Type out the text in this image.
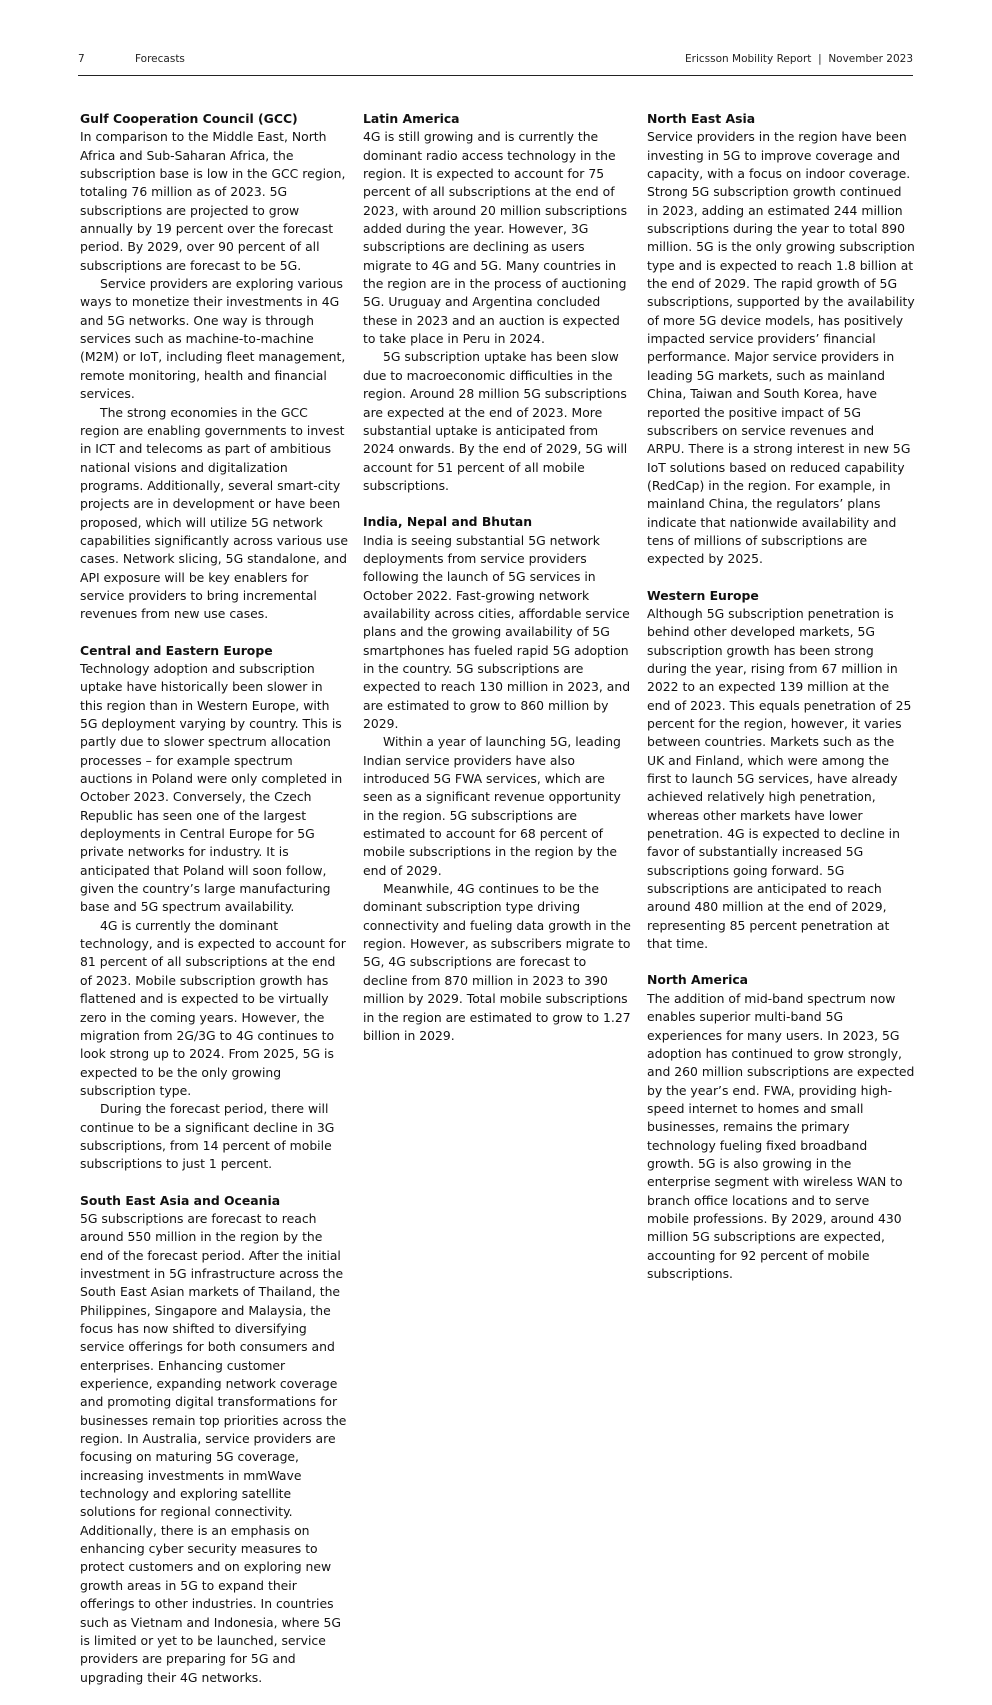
7	Forecasts	Ericsson Mobility Report | November 2023
Gulf Cooperation Council (GCC)

In comparison to the Middle East, North Africa and Sub-Saharan Africa, the subscription base is low in the GCC region, totaling 76 million as of 2023. 5G subscriptions are projected to grow annually by 19 percent over the forecast period. By 2029, over 90 percent of all subscriptions are forecast to be 5G.

Service providers are exploring various ways to monetize their investments in 4G and 5G networks. One way is through services such as machine-to-machine (M2M) or IoT, including fleet management, remote monitoring, health and financial services.

The strong economies in the GCC region are enabling governments to invest in ICT and telecoms as part of ambitious national visions and digitalization programs. Additionally, several smart-city projects are in development or have been proposed, which will utilize 5G network capabilities significantly across various use cases. Network slicing, 5G standalone, and API exposure will be key enablers for service providers to bring incremental revenues from new use cases.

Central and Eastern Europe

Technology adoption and subscription uptake have historically been slower in this region than in Western Europe, with 5G deployment varying by country. This is partly due to slower spectrum allocation processes – for example spectrum auctions in Poland were only completed in October 2023. Conversely, the Czech Republic has seen one of the largest deployments in Central Europe for 5G private networks for industry. It is anticipated that Poland will soon follow, given the country’s large manufacturing base and 5G spectrum availability.

4G is currently the dominant technology, and is expected to account for 81 percent of all subscriptions at the end of 2023. Mobile subscription growth has flattened and is expected to be virtually zero in the coming years. However, the migration from 2G/3G to 4G continues to look strong up to 2024. From 2025, 5G is expected to be the only growing subscription type.

During the forecast period, there will continue to be a significant decline in 3G subscriptions, from 14 percent of mobile subscriptions to just 1 percent.

South East Asia and Oceania

5G subscriptions are forecast to reach around 550 million in the region by the end of the forecast period. After the initial investment in 5G infrastructure across the South East Asian markets of Thailand, the Philippines, Singapore and Malaysia, the focus has now shifted to diversifying service offerings for both consumers and enterprises. Enhancing customer experience, expanding network coverage and promoting digital transformations for businesses remain top priorities across the region. In Australia, service providers are focusing on maturing 5G coverage, increasing investments in mmWave technology and exploring satellite solutions for regional connectivity. Additionally, there is an emphasis on enhancing cyber security measures to protect customers and on exploring new growth areas in 5G to expand their offerings to other industries. In countries such as Vietnam and Indonesia, where 5G is limited or yet to be launched, service providers are preparing for 5G and upgrading their 4G networks.

Latin America

4G is still growing and is currently the dominant radio access technology in the region. It is expected to account for 75 percent of all subscriptions at the end of 2023, with around 20 million subscriptions added during the year. However, 3G subscriptions are declining as users migrate to 4G and 5G. Many countries in the region are in the process of auctioning 5G. Uruguay and Argentina concluded these in 2023 and an auction is expected to take place in Peru in 2024.

5G subscription uptake has been slow due to macroeconomic difficulties in the region. Around 28 million 5G subscriptions are expected at the end of 2023. More substantial uptake is anticipated from 2024 onwards. By the end of 2029, 5G will account for 51 percent of all mobile subscriptions.

India, Nepal and Bhutan

India is seeing substantial 5G network deployments from service providers following the launch of 5G services in October 2022. Fast-growing network availability across cities, affordable service plans and the growing availability of 5G smartphones has fueled rapid 5G adoption in the country. 5G subscriptions are expected to reach 130 million in 2023, and are estimated to grow to 860 million by 2029.

Within a year of launching 5G, leading Indian service providers have also introduced 5G FWA services, which are seen as a significant revenue opportunity in the region. 5G subscriptions are estimated to account for 68 percent of mobile subscriptions in the region by the end of 2029.

Meanwhile, 4G continues to be the dominant subscription type driving connectivity and fueling data growth in the region. However, as subscribers migrate to 5G, 4G subscriptions are forecast to decline from 870 million in 2023 to 390 million by 2029. Total mobile subscriptions in the region are estimated to grow to 1.27 billion in 2029.

North East Asia

Service providers in the region have been investing in 5G to improve coverage and capacity, with a focus on indoor coverage. Strong 5G subscription growth continued in 2023, adding an estimated 244 million subscriptions during the year to total 890 million. 5G is the only growing subscription type and is expected to reach 1.8 billion at the end of 2029. The rapid growth of 5G subscriptions, supported by the availability of more 5G device models, has positively impacted service providers’ financial performance. Major service providers in leading 5G markets, such as mainland China, Taiwan and South Korea, have reported the positive impact of 5G subscribers on service revenues and ARPU. There is a strong interest in new 5G IoT solutions based on reduced capability (RedCap) in the region. For example, in mainland China, the regulators’ plans indicate that nationwide availability and tens of millions of subscriptions are expected by 2025.

Western Europe

Although 5G subscription penetration is behind other developed markets, 5G subscription growth has been strong during the year, rising from 67 million in 2022 to an expected 139 million at the end of 2023. This equals penetration of 25 percent for the region, however, it varies between countries. Markets such as the UK and Finland, which were among the first to launch 5G services, have already achieved relatively high penetration, whereas other markets have lower penetration. 4G is expected to decline in favor of substantially increased 5G subscriptions going forward. 5G subscriptions are anticipated to reach around 480 million at the end of 2029, representing 85 percent penetration at that time.

North America

The addition of mid-band spectrum now enables superior multi-band 5G experiences for many users. In 2023, 5G adoption has continued to grow strongly, and 260 million subscriptions are expected by the year’s end. FWA, providing high-speed internet to homes and small businesses, remains the primary technology fueling fixed broadband growth. 5G is also growing in the enterprise segment with wireless WAN to branch office locations and to serve mobile professions. By 2029, around 430 million 5G subscriptions are expected, accounting for 92 percent of mobile subscriptions.
